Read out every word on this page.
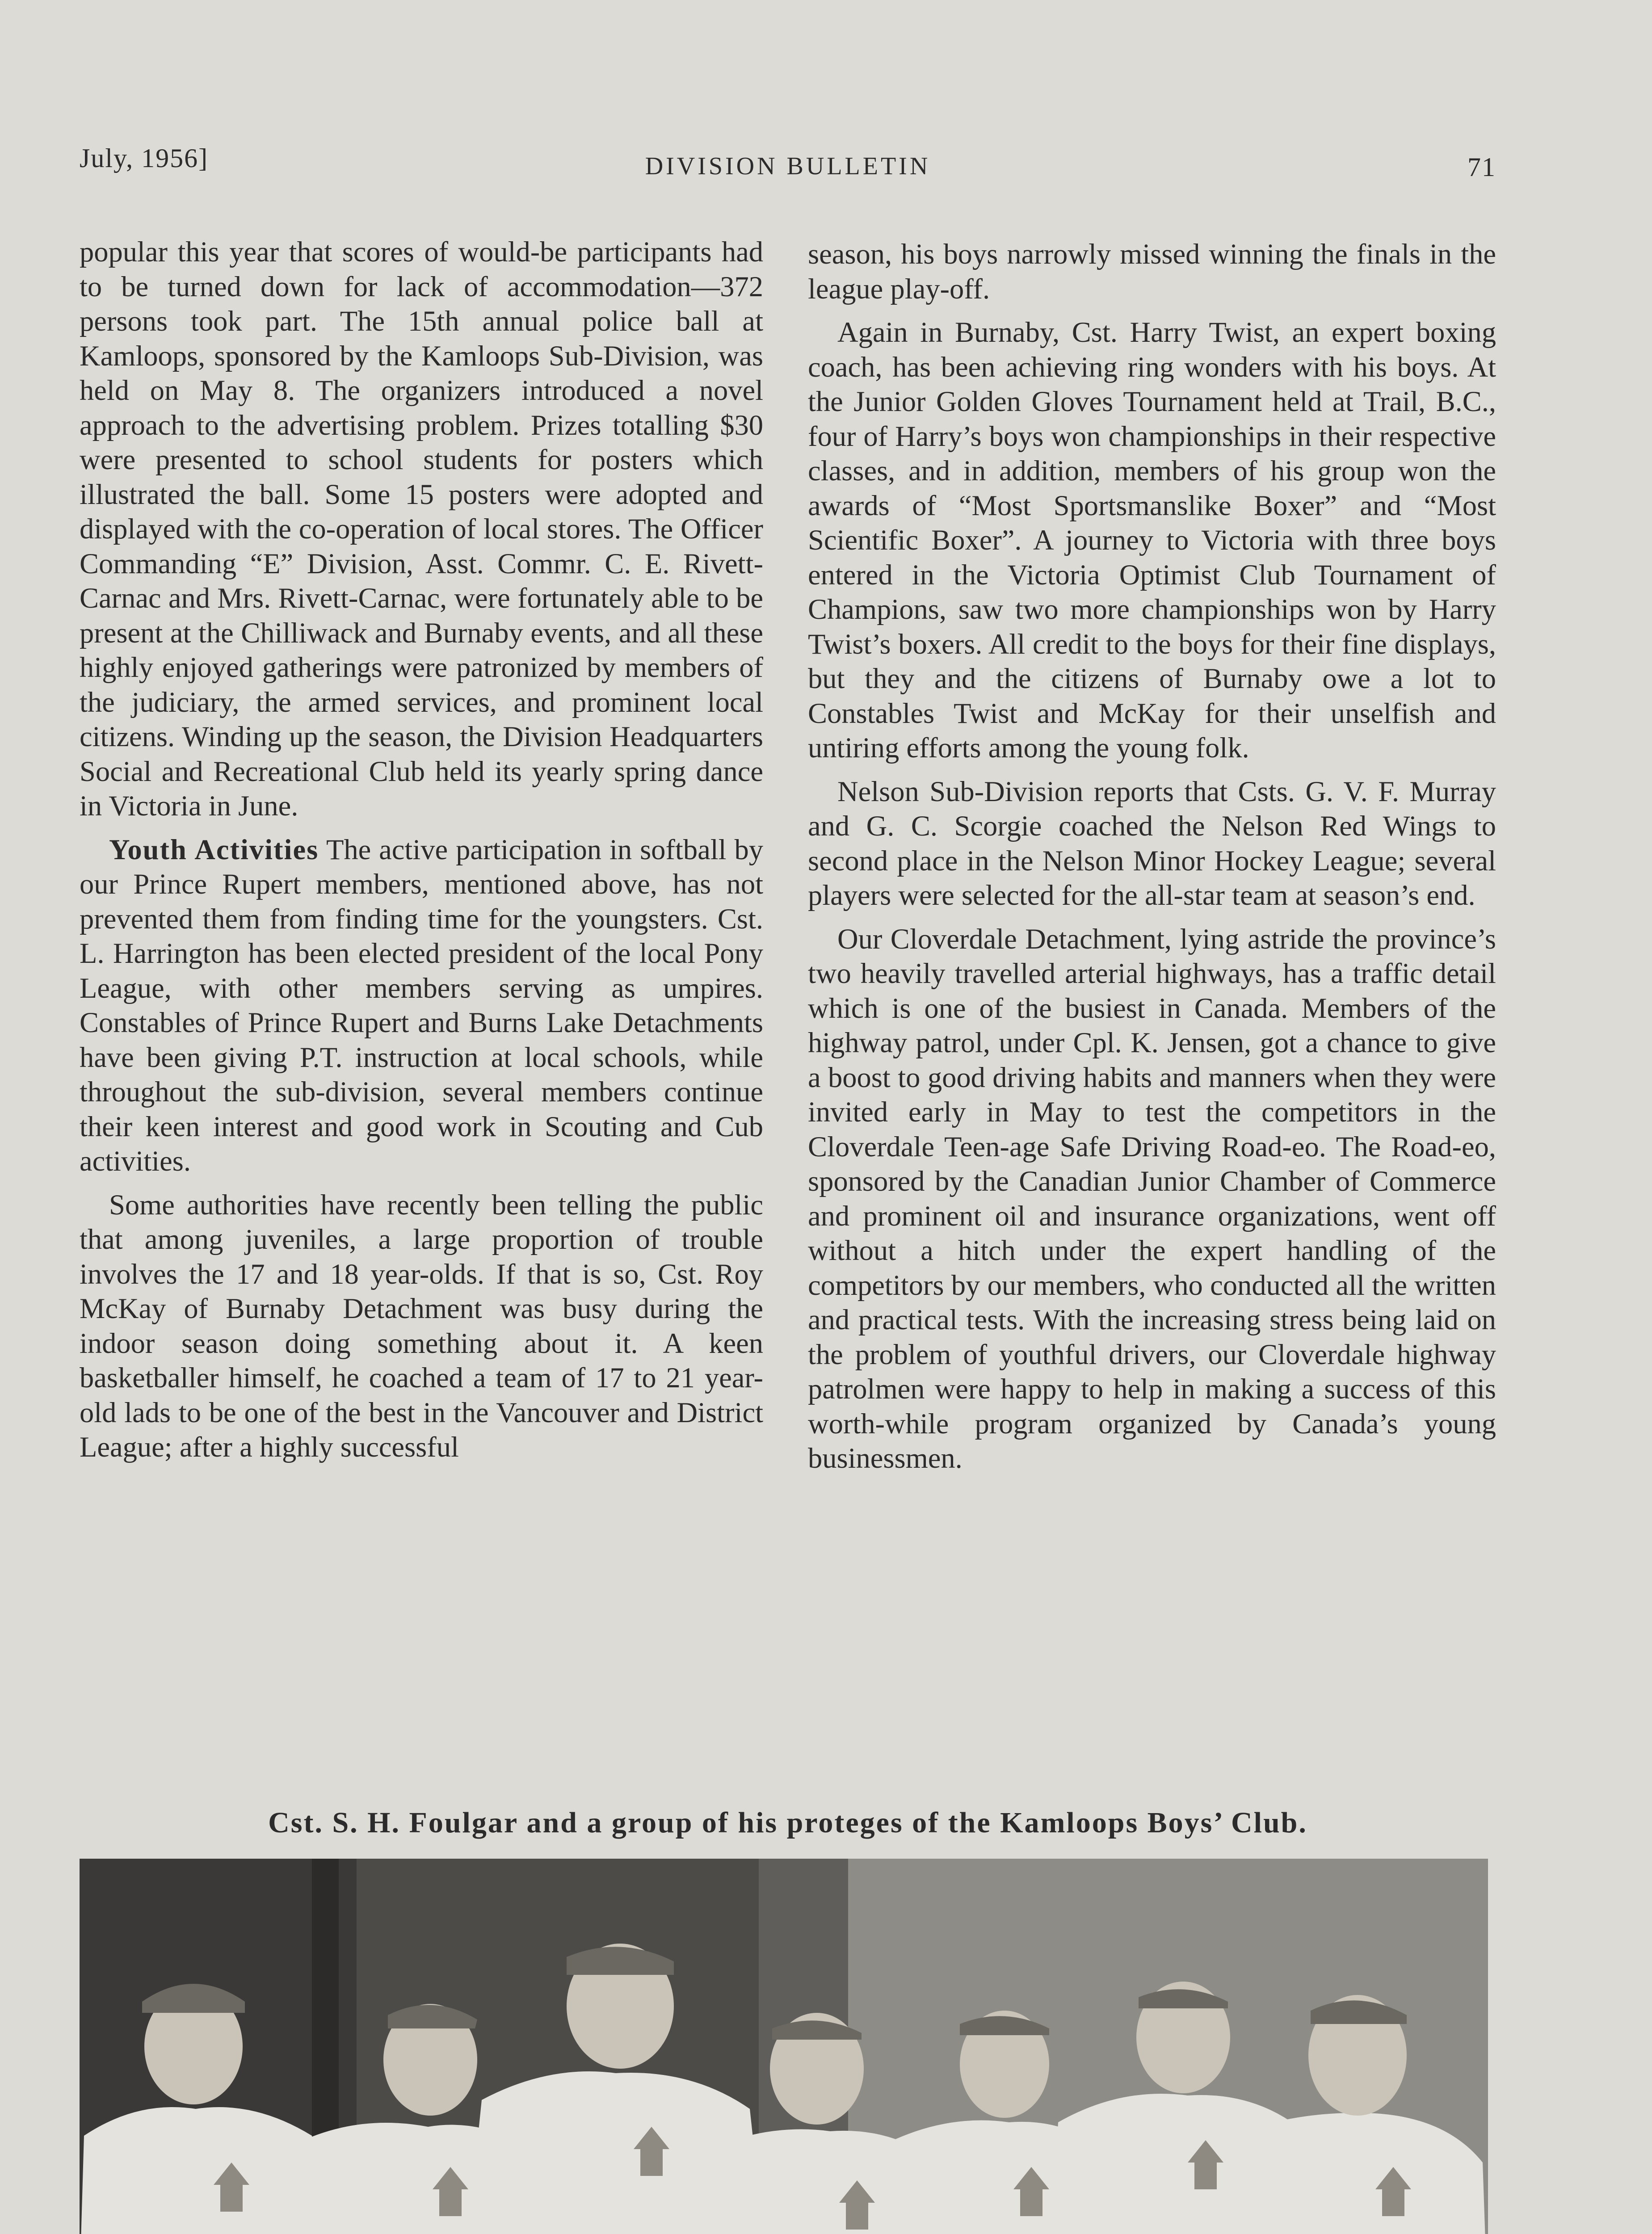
July, 1956]	DIVISION BULLETIN	71

popular this year that scores of would-be participants had to be turned down for lack of accommodation—372 persons took part. The 15th annual police ball at Kamloops, sponsored by the Kamloops Sub-Division, was held on May 8. The organizers introduced a novel approach to the advertising problem. Prizes totalling $30 were presented to school students for posters which illustrated the ball. Some 15 posters were adopted and displayed with the co-operation of local stores. The Officer Commanding “E” Division, Asst. Commr. C. E. Rivett-Carnac and Mrs. Rivett-Carnac, were fortunately able to be present at the Chilliwack and Burnaby events, and all these highly enjoyed gatherings were patronized by members of the judiciary, the armed services, and prominent local citizens. Winding up the season, the Division Headquarters Social and Recreational Club held its yearly spring dance in Victoria in June.

Youth Activities The active participation in softball by our Prince Rupert members, mentioned above, has not prevented them from finding time for the youngsters. Cst. L. Harrington has been elected president of the local Pony League, with other members serving as umpires. Constables of Prince Rupert and Burns Lake Detachments have been giving P.T. instruction at local schools, while throughout the sub-division, several members continue their keen interest and good work in Scouting and Cub activities.

Some authorities have recently been telling the public that among juveniles, a large proportion of trouble involves the 17 and 18 year-olds. If that is so, Cst. Roy McKay of Burnaby Detachment was busy during the indoor season doing something about it. A keen basketballer himself, he coached a team of 17 to 21 year-old lads to be one of the best in the Vancouver and District League; after a highly successful

season, his boys narrowly missed winning the finals in the league play-off.

Again in Burnaby, Cst. Harry Twist, an expert boxing coach, has been achieving ring wonders with his boys. At the Junior Golden Gloves Tournament held at Trail, B.C., four of Harry’s boys won championships in their respective classes, and in addition, members of his group won the awards of “Most Sportsmanslike Boxer” and “Most Scientific Boxer”. A journey to Victoria with three boys entered in the Victoria Optimist Club Tournament of Champions, saw two more championships won by Harry Twist’s boxers. All credit to the boys for their fine displays, but they and the citizens of Burnaby owe a lot to Constables Twist and McKay for their unselfish and untiring efforts among the young folk.

Nelson Sub-Division reports that Csts. G. V. F. Murray and G. C. Scorgie coached the Nelson Red Wings to second place in the Nelson Minor Hockey League; several players were selected for the all-star team at season’s end.

Our Cloverdale Detachment, lying astride the province’s two heavily travelled arterial highways, has a traffic detail which is one of the busiest in Canada. Members of the highway patrol, under Cpl. K. Jensen, got a chance to give a boost to good driving habits and manners when they were invited early in May to test the competitors in the Cloverdale Teen-age Safe Driving Road-eo. The Road-eo, sponsored by the Canadian Junior Chamber of Commerce and prominent oil and insurance organizations, went off without a hitch under the expert handling of the competitors by our members, who conducted all the written and practical tests. With the increasing stress being laid on the problem of youthful drivers, our Cloverdale highway patrolmen were happy to help in making a success of this worth-while program organized by Canada’s young businessmen.

Cst. S. H. Foulgar and a group of his proteges of the Kamloops Boys’ Club.
